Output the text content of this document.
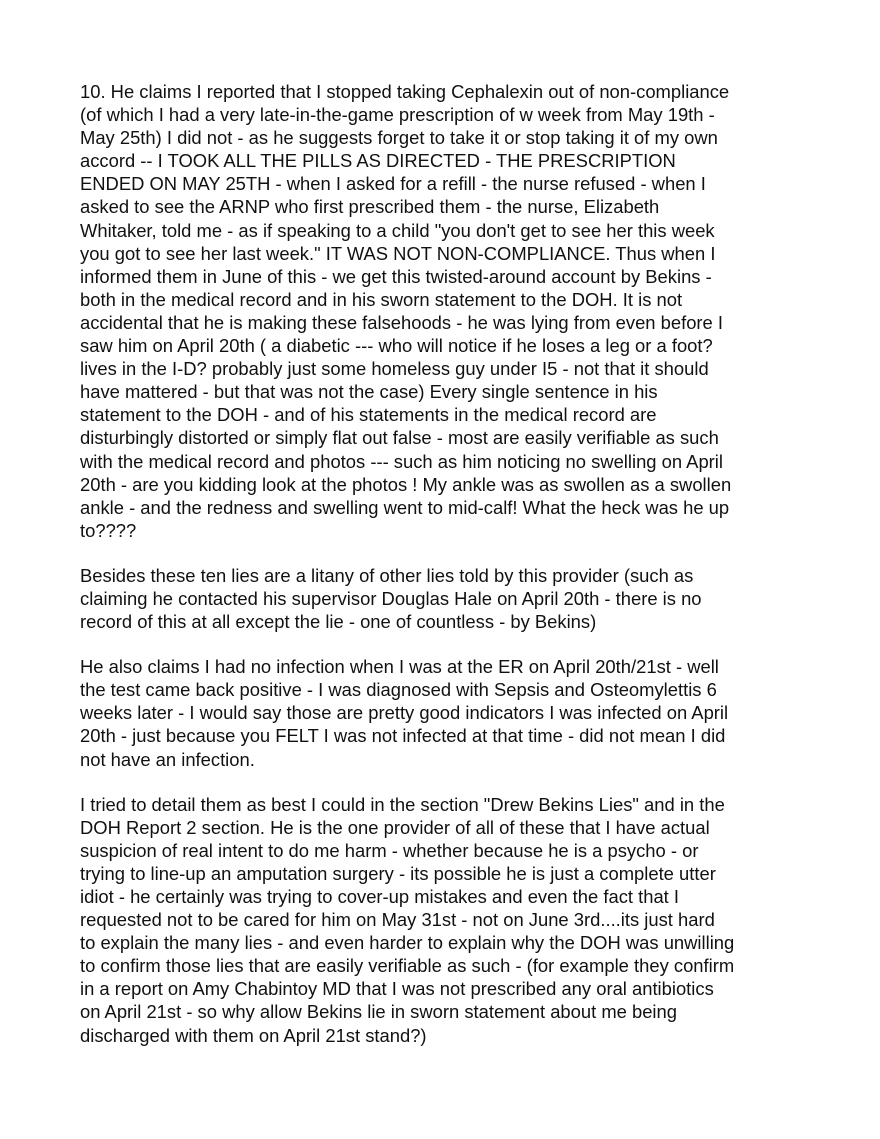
10. He claims I reported that I stopped taking Cephalexin out of non-compliance
(of which I had a very late-in-the-game prescription of w week from May 19th -
May 25th) I did not - as he suggests forget to take it or stop taking it of my own
accord -- I TOOK ALL THE PILLS AS DIRECTED - THE PRESCRIPTION
ENDED ON MAY 25TH - when I asked for a refill - the nurse refused - when I
asked to see the ARNP who first prescribed them - the nurse, Elizabeth
Whitaker, told me - as if speaking to a child "you don't get to see her this week
you got to see her last week." IT WAS NOT NON-COMPLIANCE. Thus when I
informed them in June of this - we get this twisted-around account by Bekins -
both in the medical record and in his sworn statement to the DOH. It is not
accidental that he is making these falsehoods - he was lying from even before I
saw him on April 20th ( a diabetic --- who will notice if he loses a leg or a foot?
lives in the I-D? probably just some homeless guy under I5 - not that it should
have mattered - but that was not the case) Every single sentence in his
statement to the DOH - and of his statements in the medical record are
disturbingly distorted or simply flat out false - most are easily verifiable as such
with the medical record and photos --- such as him noticing no swelling on April
20th - are you kidding look at the photos ! My ankle was as swollen as a swollen
ankle - and the redness and swelling went to mid-calf! What the heck was he up
to????

Besides these ten lies are a litany of other lies told by this provider (such as
claiming he contacted his supervisor Douglas Hale on April 20th - there is no
record of this at all except the lie - one of countless - by Bekins)

He also claims I had no infection when I was at the ER on April 20th/21st - well
the test came back positive - I was diagnosed with Sepsis and Osteomylettis 6
weeks later - I would say those are pretty good indicators I was infected on April
20th - just because you FELT I was not infected at that time - did not mean I did
not have an infection.

I tried to detail them as best I could in the section "Drew Bekins Lies" and in the
DOH Report 2 section. He is the one provider of all of these that I have actual
suspicion of real intent to do me harm - whether because he is a psycho - or
trying to line-up an amputation surgery - its possible he is just a complete utter
idiot - he certainly was trying to cover-up mistakes and even the fact that I
requested not to be cared for him on May 31st - not on June 3rd....its just hard
to explain the many lies - and even harder to explain why the DOH was unwilling
to confirm those lies that are easily verifiable as such - (for example they confirm
in a report on Amy Chabintoy MD that I was not prescribed any oral antibiotics
on April 21st - so why allow Bekins lie in sworn statement about me being
discharged with them on April 21st stand?)
